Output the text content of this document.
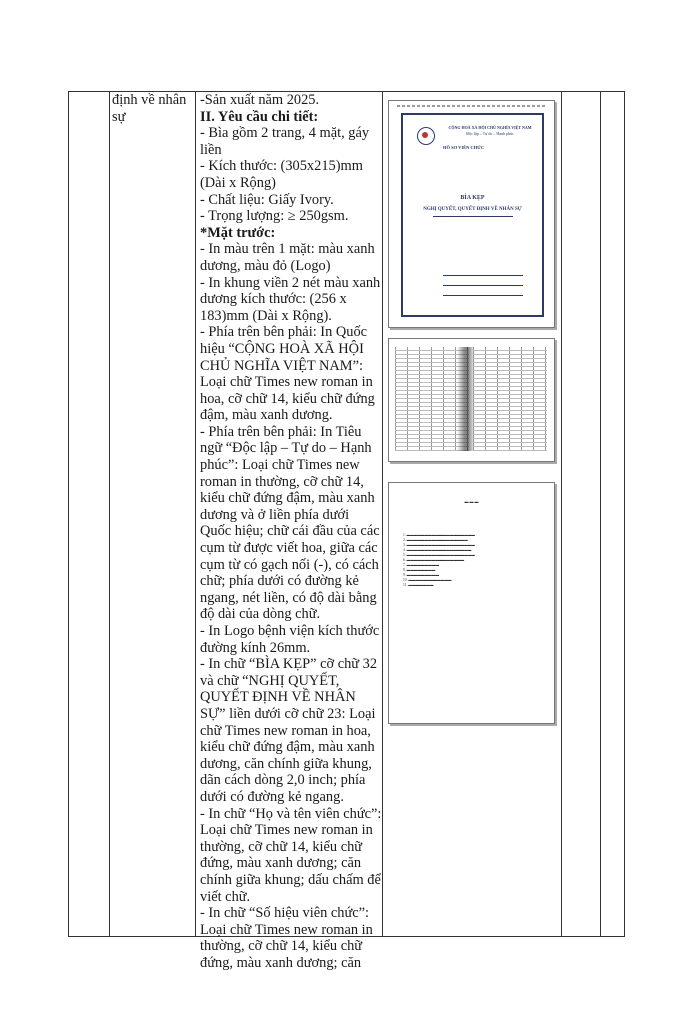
định về nhân sự

-Sản xuất năm 2025.

II. Yêu cầu chi tiết:

- Bìa gồm 2 trang, 4 mặt, gáy liền

- Kích thước: (305x215)mm (Dài x Rộng)

- Chất liệu: Giấy Ivory.

- Trọng lượng: ≥ 250gsm.

*Mặt trước:

- In màu trên 1 mặt: màu xanh dương, màu đỏ (Logo)

- In khung viền 2 nét màu xanh dương kích thước: (256 x 183)mm (Dài x Rộng).

- Phía trên bên phải: In Quốc hiệu “CỘNG HOÀ XÃ HỘI CHỦ NGHĨA VIỆT NAM”: Loại chữ Times new roman in hoa, cỡ chữ 14, kiểu chữ đứng đậm, màu xanh dương.

- Phía trên bên phải: In Tiêu ngữ “Độc lập – Tự do – Hạnh phúc”: Loại chữ Times new roman in thường, cỡ chữ 14, kiểu chữ đứng đậm, màu xanh dương và ở liền phía dưới Quốc hiệu; chữ cái đầu của các cụm từ được viết hoa, giữa các cụm từ có gạch nối (-), có cách chữ; phía dưới có đường kẻ ngang, nét liền, có độ dài bằng độ dài của dòng chữ.

- In Logo bệnh viện kích thước đường kính 26mm.

- In chữ “BÌA KẸP” cỡ chữ 32 và chữ “NGHỊ QUYẾT, QUYẾT ĐỊNH VỀ NHÂN SỰ” liền dưới cỡ chữ 23: Loại chữ Times new roman in hoa, kiểu chữ đứng đậm, màu xanh dương, căn chính giữa khung, dãn cách dòng 2,0 inch; phía dưới có đường kẻ ngang.

- In chữ “Họ và tên viên chức”: Loại chữ Times new roman in thường, cỡ chữ 14, kiểu chữ đứng, màu xanh dương; căn chính giữa khung; dấu chấm để viết chữ.

- In chữ “Số hiệu viên chức”: Loại chữ Times new roman in thường, cỡ chữ 14, kiểu chữ đứng, màu xanh dương; căn

CỘNG HOÀ XÃ HỘI CHỦ NGHĨA VIỆT NAM
Độc lập – Tự do – Hạnh phúc
HỒ SƠ VIÊN CHỨC
BÌA KẸP
NGHỊ QUYẾT, QUYẾT ĐỊNH VỀ NHÂN SỰ
▬ ▬ ▬
1. ▬▬▬▬▬▬▬▬▬▬▬▬▬▬▬▬▬▬▬
2. ▬▬▬▬▬▬▬▬▬▬▬▬▬▬▬▬▬
3. ▬▬▬▬▬▬▬▬▬▬▬▬▬▬▬▬▬▬▬
4. ▬▬▬▬▬▬▬▬▬▬▬▬▬▬▬▬▬▬
5. ▬▬▬▬▬▬▬▬▬▬▬▬▬▬▬▬▬▬▬
6. ▬▬▬▬▬▬▬▬▬▬▬▬▬▬▬▬
7. ▬▬▬▬▬▬▬▬▬
8. ▬▬▬▬▬▬▬▬
9. ▬▬▬▬▬▬▬▬▬
10. ▬▬▬▬▬▬▬▬▬▬▬▬
11. ▬▬▬▬▬▬▬
